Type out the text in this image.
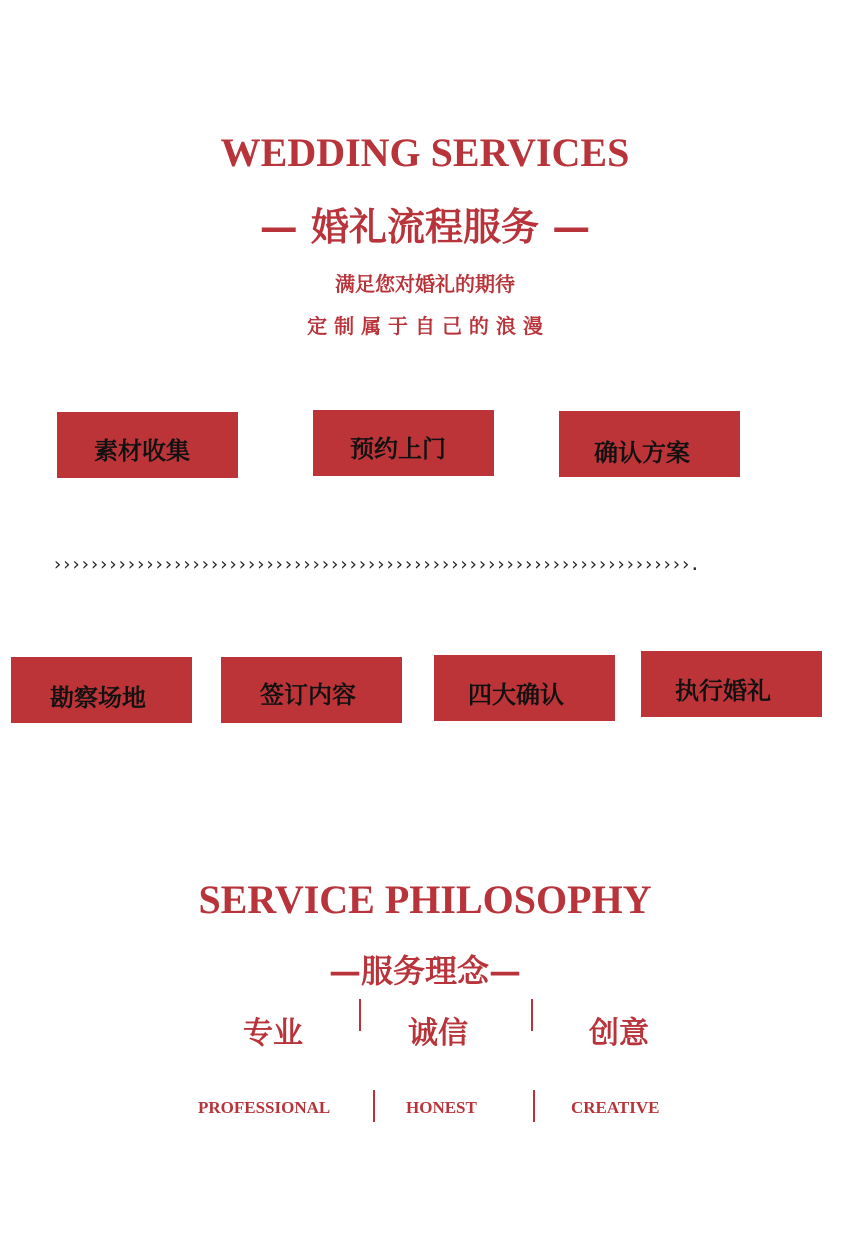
WEDDING SERVICES
— 婚礼流程服务 —
满足您对婚礼的期待
定 制 属 于 自 己 的 浪 漫
素材收集	预约上门	确认方案
›››››››››››››››››››››››››››››››››››››››››››››››››››››››››››››››››››››.
勘察场地	签订内容	四大确认	执行婚礼
SERVICE PHILOSOPHY
—服务理念—
专业	诚信	创意
PROFESSIONAL	HONEST	CREATIVE
